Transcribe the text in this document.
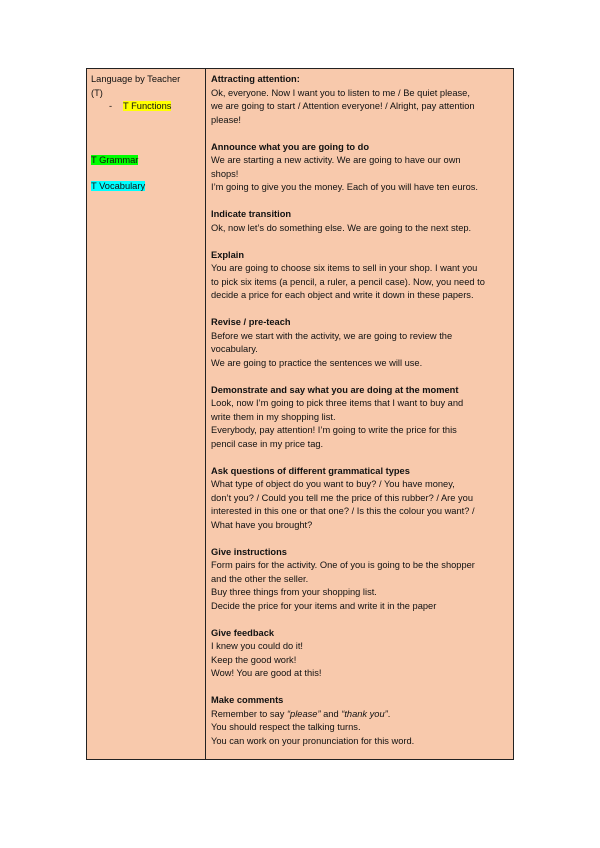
Language by Teacher
(T)
- T Functions
T Grammar
T Vocabulary
Attracting attention:
Ok, everyone. Now I want you to listen to me / Be quiet please,
we are going to start / Attention everyone! / Alright, pay attention
please!
Announce what you are going to do
We are starting a new activity. We are going to have our own
shops!
I’m going to give you the money. Each of you will have ten euros.
Indicate transition
Ok, now let’s do something else. We are going to the next step.
Explain
You are going to choose six items to sell in your shop. I want you
to pick six items (a pencil, a ruler, a pencil case). Now, you need to
decide a price for each object and write it down in these papers.
Revise / pre-teach
Before we start with the activity, we are going to review the
vocabulary.
We are going to practice the sentences we will use.
Demonstrate and say what you are doing at the moment
Look, now I’m going to pick three items that I want to buy and
write them in my shopping list.
Everybody, pay attention! I’m going to write the price for this
pencil case in my price tag.
Ask questions of different grammatical types
What type of object do you want to buy? / You have money,
don’t you? / Could you tell me the price of this rubber? / Are you
interested in this one or that one? / Is this the colour you want? /
What have you brought?
Give instructions
Form pairs for the activity. One of you is going to be the shopper
and the other the seller.
Buy three things from your shopping list.
Decide the price for your items and write it in the paper
Give feedback
I knew you could do it!
Keep the good work!
Wow! You are good at this!
Make comments
Remember to say “please” and “thank you”.
You should respect the talking turns.
You can work on your pronunciation for this word.
